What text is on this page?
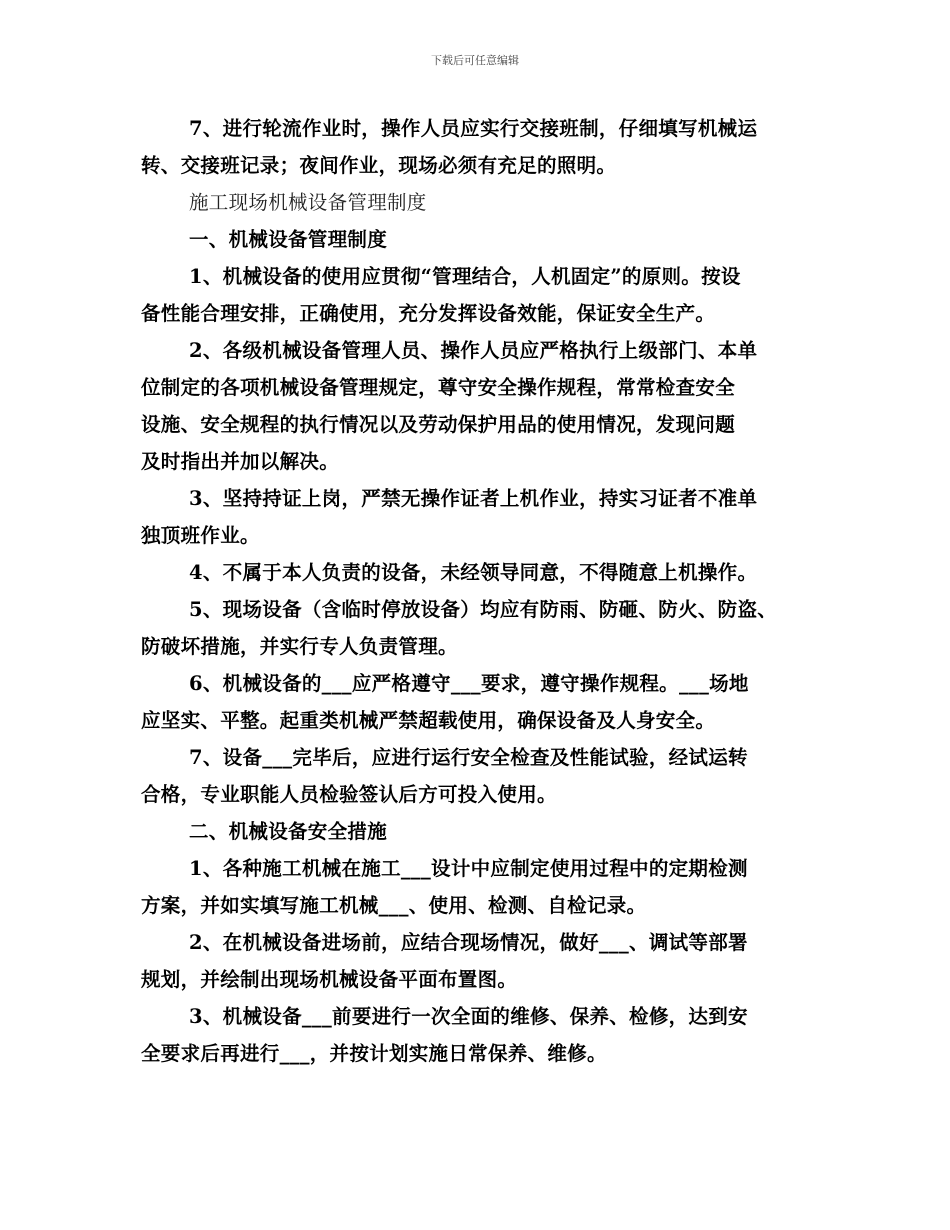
下载后可任意编辑
7、进行轮流作业时，操作人员应实行交接班制，仔细填写机械运
转、交接班记录；夜间作业，现场必须有充足的照明。
施工现场机械设备管理制度
一、机械设备管理制度
1、机械设备的使用应贯彻“管理结合，人机固定”的原则。按设
备性能合理安排，正确使用，充分发挥设备效能，保证安全生产。
2、各级机械设备管理人员、操作人员应严格执行上级部门、本单
位制定的各项机械设备管理规定，尊守安全操作规程，常常检查安全
设施、安全规程的执行情况以及劳动保护用品的使用情况，发现问题
及时指出并加以解决。
3、坚持持证上岗，严禁无操作证者上机作业，持实习证者不准单
独顶班作业。
4、不属于本人负责的设备，未经领导同意，不得随意上机操作。
5、现场设备（含临时停放设备）均应有防雨、防砸、防火、防盗、
防破坏措施，并实行专人负责管理。
6、机械设备的___应严格遵守___要求，遵守操作规程。___场地
应坚实、平整。起重类机械严禁超载使用，确保设备及人身安全。
7、设备___完毕后，应进行运行安全检查及性能试验，经试运转
合格，专业职能人员检验签认后方可投入使用。
二、机械设备安全措施
1、各种施工机械在施工___设计中应制定使用过程中的定期检测
方案，并如实填写施工机械___、使用、检测、自检记录。
2、在机械设备进场前，应结合现场情况，做好___、调试等部署
规划，并绘制出现场机械设备平面布置图。
3、机械设备___前要进行一次全面的维修、保养、检修，达到安
全要求后再进行___，并按计划实施日常保养、维修。
